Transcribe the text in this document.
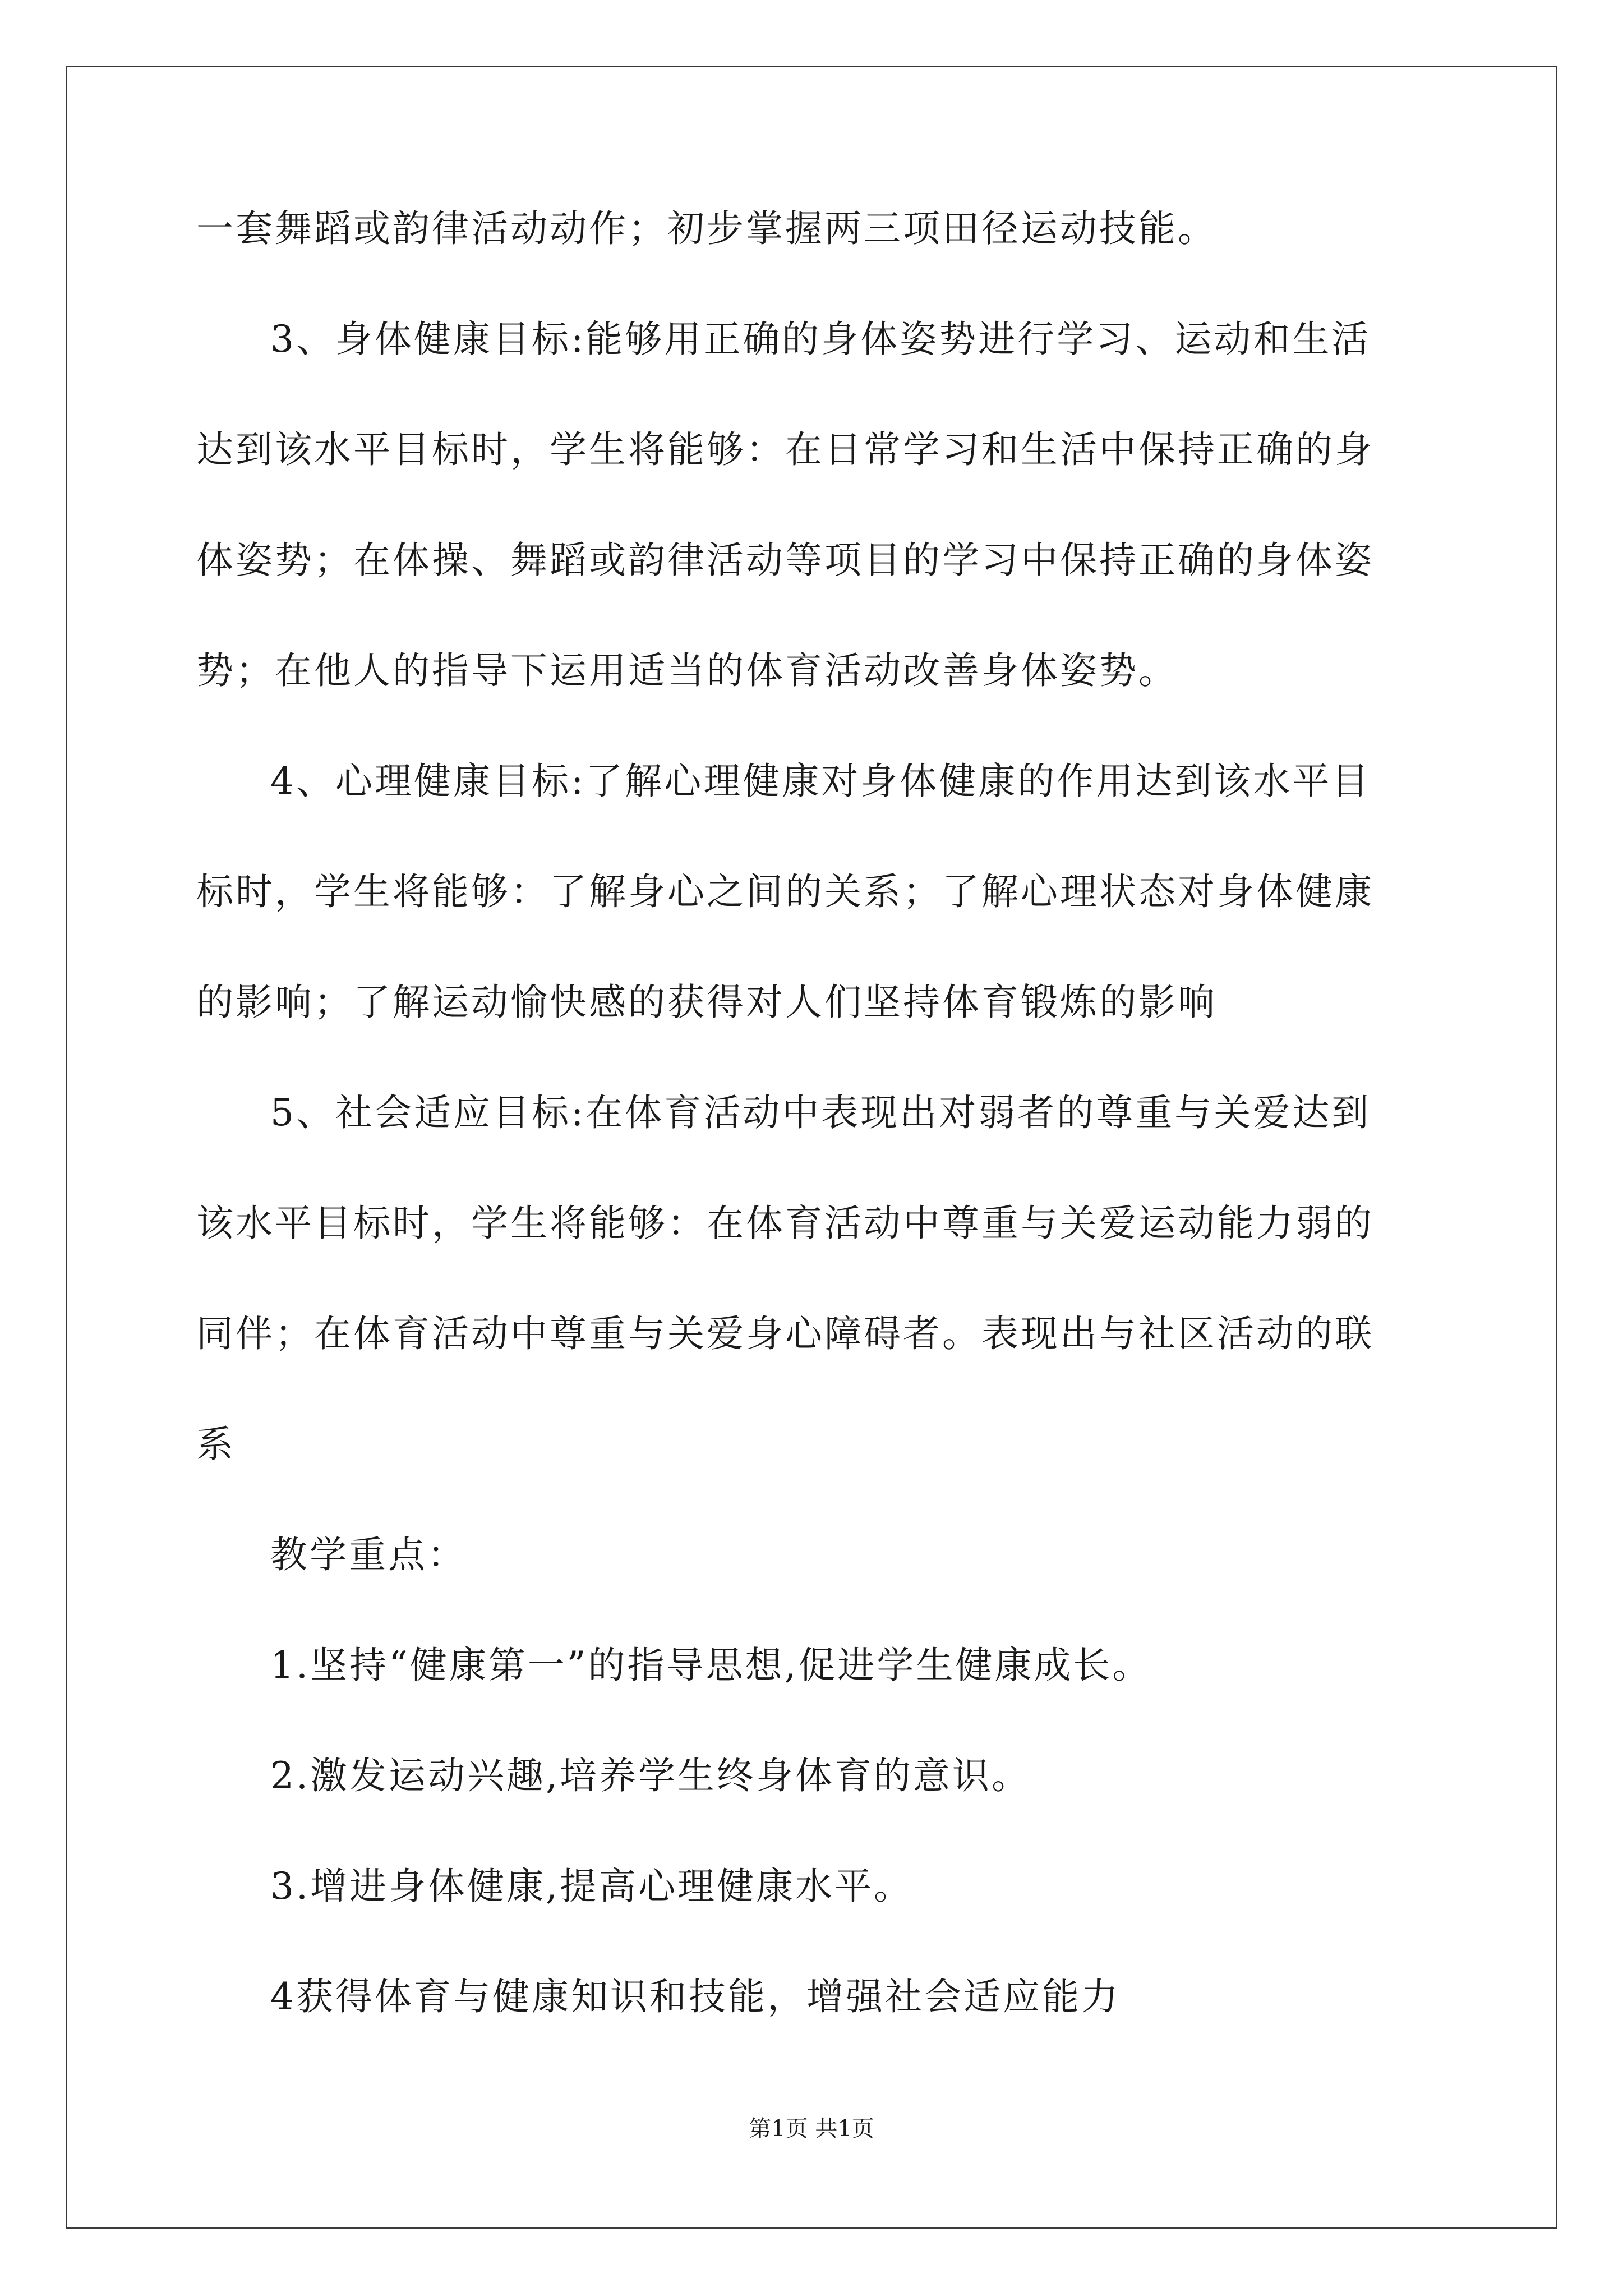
一套舞蹈或韵律活动动作；初步掌握两三项田径运动技能。
3、身体健康目标:能够用正确的身体姿势进行学习、运动和生活
达到该水平目标时，学生将能够：在日常学习和生活中保持正确的身
体姿势；在体操、舞蹈或韵律活动等项目的学习中保持正确的身体姿
势；在他人的指导下运用适当的体育活动改善身体姿势。
4、心理健康目标:了解心理健康对身体健康的作用达到该水平目
标时，学生将能够：了解身心之间的关系；了解心理状态对身体健康
的影响；了解运动愉快感的获得对人们坚持体育锻炼的影响
5、社会适应目标:在体育活动中表现出对弱者的尊重与关爱达到
该水平目标时，学生将能够：在体育活动中尊重与关爱运动能力弱的
同伴；在体育活动中尊重与关爱身心障碍者。表现出与社区活动的联
系
教学重点：
1.坚持“健康第一”的指导思想,促进学生健康成长。
2.激发运动兴趣,培养学生终身体育的意识。
3.增进身体健康,提高心理健康水平。
4获得体育与健康知识和技能，增强社会适应能力
第1页 共1页
